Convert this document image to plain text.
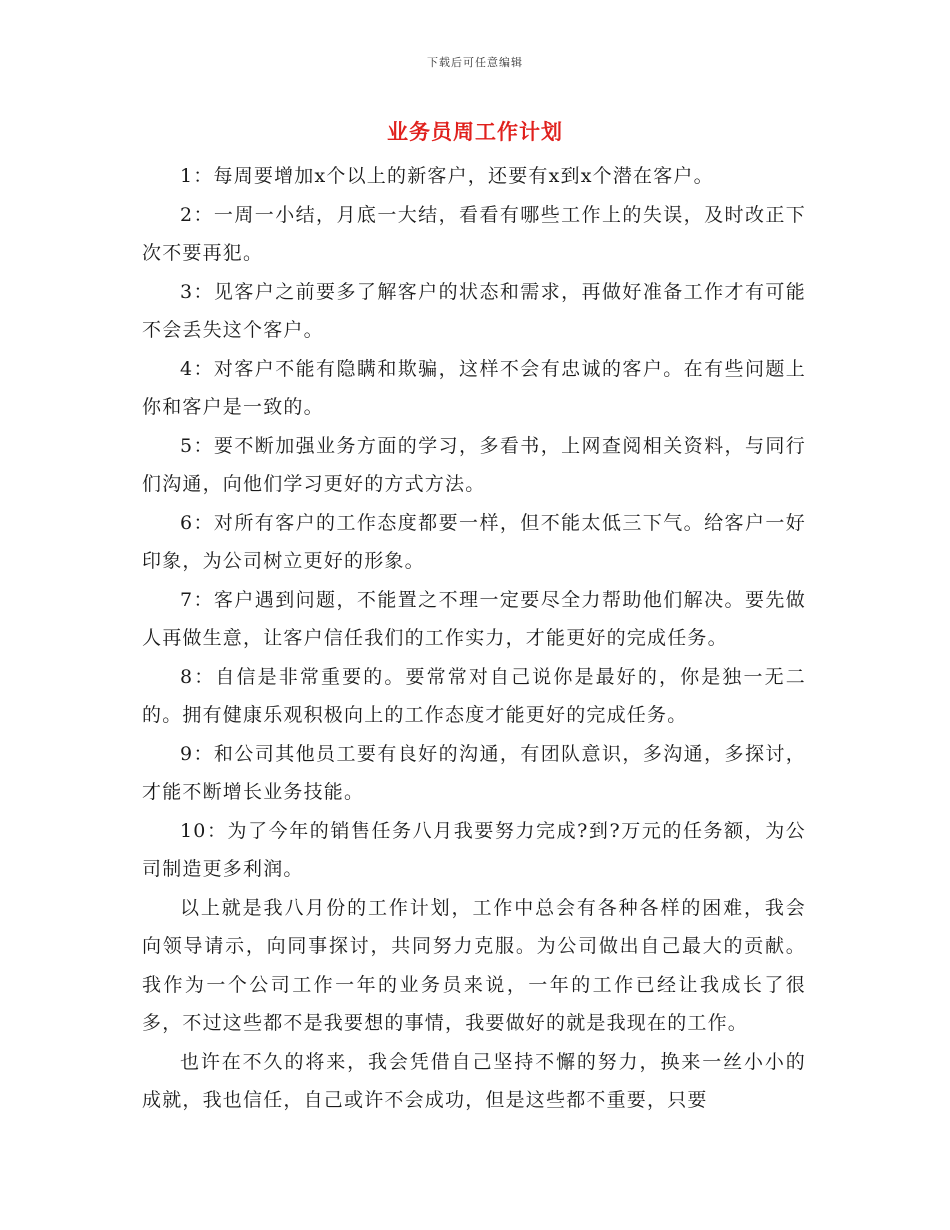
下载后可任意编辑
业务员周工作计划

1：每周要增加x个以上的新客户，还要有x到x个潜在客户。

2：一周一小结，月底一大结，看看有哪些工作上的失误，及时改正下次不要再犯。

3：见客户之前要多了解客户的状态和需求，再做好准备工作才有可能不会丢失这个客户。

4：对客户不能有隐瞒和欺骗，这样不会有忠诚的客户。在有些问题上你和客户是一致的。

5：要不断加强业务方面的学习，多看书，上网查阅相关资料，与同行们沟通，向他们学习更好的方式方法。

6：对所有客户的工作态度都要一样，但不能太低三下气。给客户一好印象，为公司树立更好的形象。

7：客户遇到问题，不能置之不理一定要尽全力帮助他们解决。要先做人再做生意，让客户信任我们的工作实力，才能更好的完成任务。

8：自信是非常重要的。要常常对自己说你是最好的，你是独一无二的。拥有健康乐观积极向上的工作态度才能更好的完成任务。

9：和公司其他员工要有良好的沟通，有团队意识，多沟通，多探讨，才能不断增长业务技能。

10：为了今年的销售任务八月我要努力完成?到?万元的任务额，为公司制造更多利润。

以上就是我八月份的工作计划，工作中总会有各种各样的困难，我会向领导请示，向同事探讨，共同努力克服。为公司做出自己最大的贡献。我作为一个公司工作一年的业务员来说，一年的工作已经让我成长了很多，不过这些都不是我要想的事情，我要做好的就是我现在的工作。

也许在不久的将来，我会凭借自己坚持不懈的努力，换来一丝小小的成就，我也信任，自己或许不会成功，但是这些都不重要，只要
